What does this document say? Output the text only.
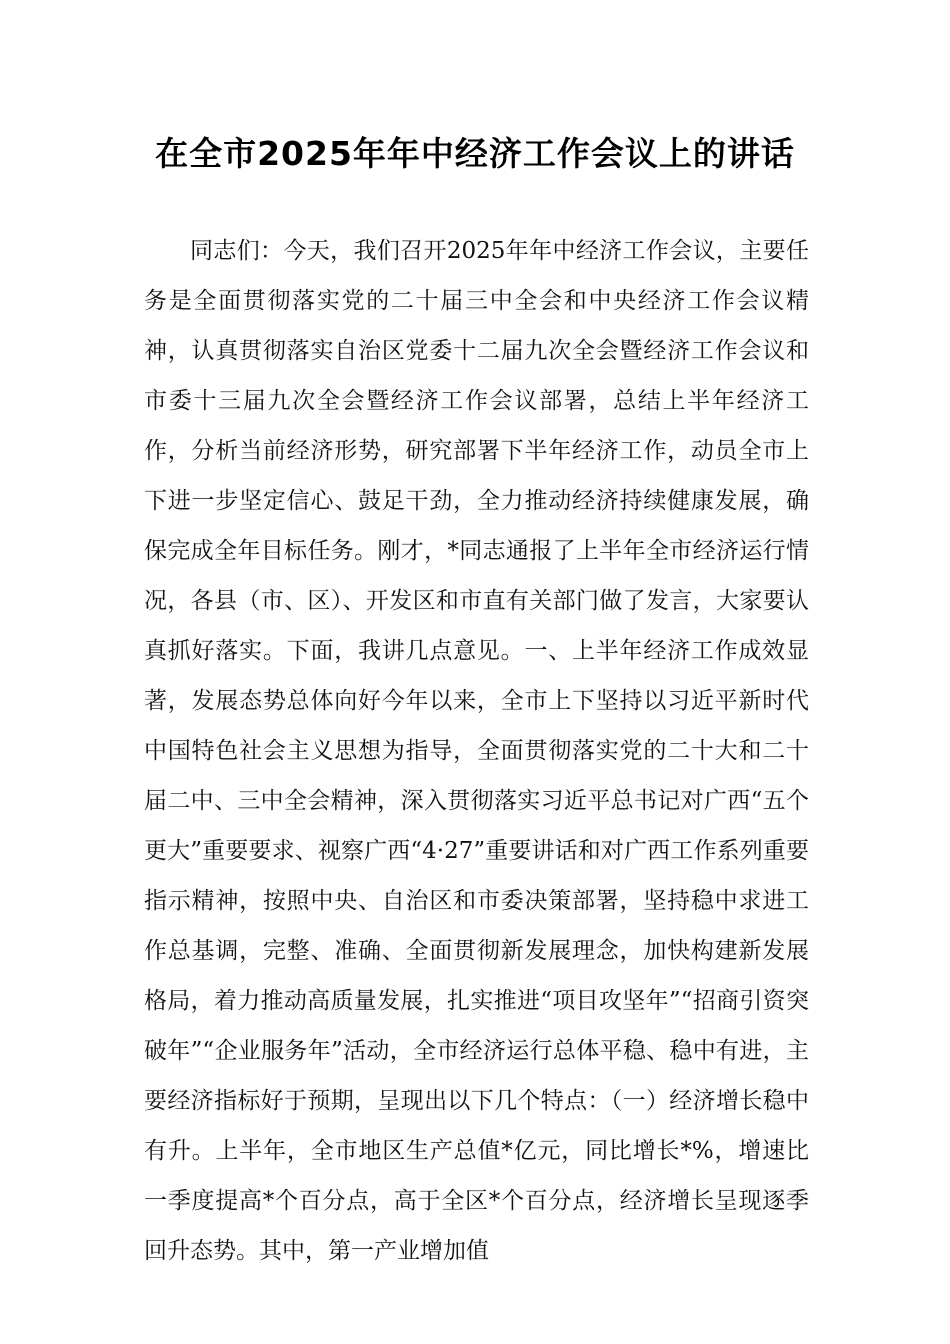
在全市2025年年中经济工作会议上的讲话

同志们：今天，我们召开2025年年中经济工作会议，主要任务是全面贯彻落实党的二十届三中全会和中央经济工作会议精神，认真贯彻落实自治区党委十二届九次全会暨经济工作会议和市委十三届九次全会暨经济工作会议部署，总结上半年经济工作，分析当前经济形势，研究部署下半年经济工作，动员全市上下进一步坚定信心、鼓足干劲，全力推动经济持续健康发展，确保完成全年目标任务。刚才，*同志通报了上半年全市经济运行情况，各县（市、区）、开发区和市直有关部门做了发言，大家要认真抓好落实。下面，我讲几点意见。一、上半年经济工作成效显著，发展态势总体向好今年以来，全市上下坚持以习近平新时代中国特色社会主义思想为指导，全面贯彻落实党的二十大和二十届二中、三中全会精神，深入贯彻落实习近平总书记对广西“五个更大”重要要求、视察广西“4·27”重要讲话和对广西工作系列重要指示精神，按照中央、自治区和市委决策部署，坚持稳中求进工作总基调，完整、准确、全面贯彻新发展理念，加快构建新发展格局，着力推动高质量发展，扎实推进“项目攻坚年”“招商引资突破年”“企业服务年”活动，全市经济运行总体平稳、稳中有进，主要经济指标好于预期，呈现出以下几个特点：（一）经济增长稳中有升。上半年，全市地区生产总值*亿元，同比增长*%，增速比一季度提高*个百分点，高于全区*个百分点，经济增长呈现逐季回升态势。其中，第一产业增加值
